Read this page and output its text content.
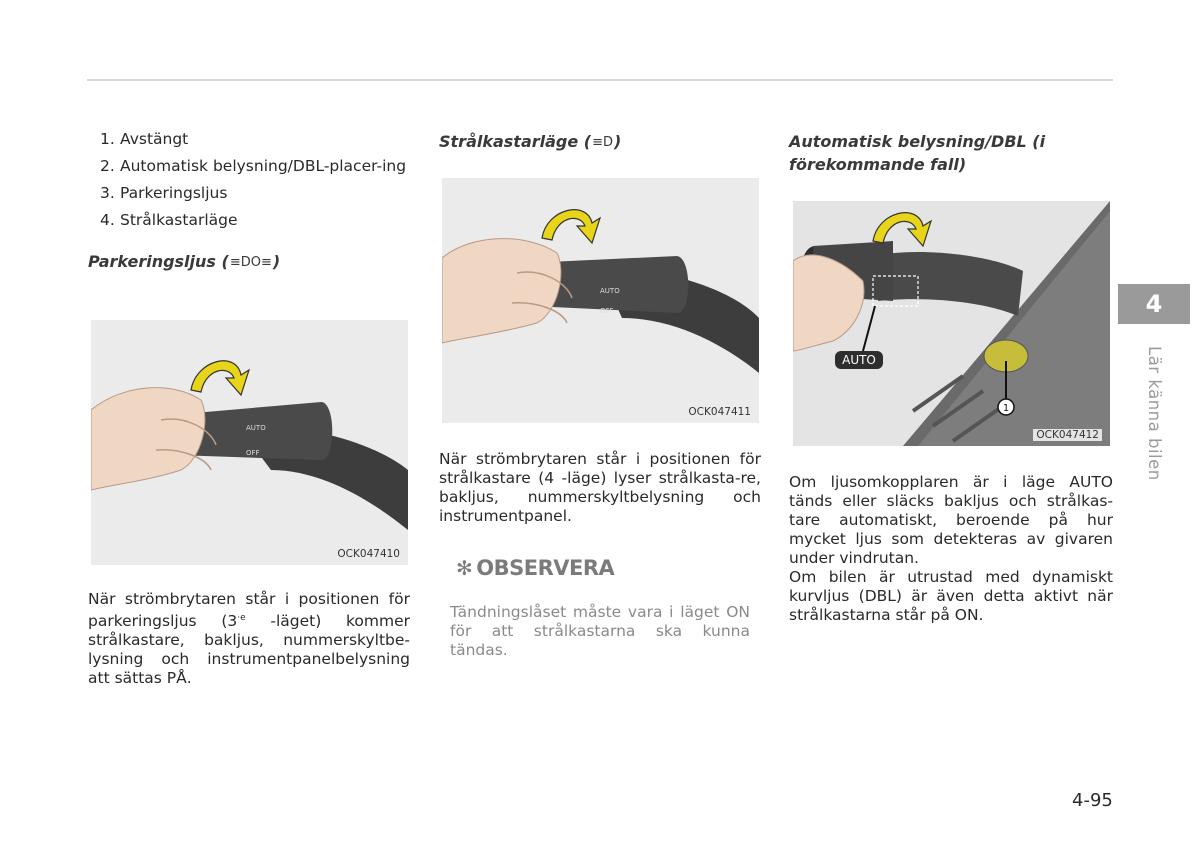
1. Avstängt
2. Automatisk belysning/DBL-placer-ing
3. Parkeringsljus
4. Strålkastarläge
Parkeringsljus (≡DO≡)
AUTO
OFF
OCK047410

När strömbrytaren står i positionen för parkeringsljus ($3^{\cdot e}$ -läget) kommer strålkastare, bakljus, nummerskyltbe-lysning och instrumentpanelbelysning att sättas PÅ.

Strålkastarläge (≡D)
AUTO
OFF
OCK047411

När strömbrytaren står i positionen för strålkastare (4 -läge) lyser strålkasta-re, bakljus, nummerskyltbelysning och instrumentpanel.

✻ OBSERVERA

Tändningslåset måste vara i läget ON för att strålkastarna ska kunna tändas.

Automatisk belysning/DBL (i förekommande fall)
AUTO
1
OCK047412

Om ljusomkopplaren är i läge AUTO tänds eller släcks bakljus och strålkas-tare automatiskt, beroende på hur mycket ljus som detekteras av givaren under vindrutan.

Om bilen är utrustad med dynamiskt kurvljus (DBL) är även detta aktivt när strålkastarna står på ON.

4
Lär känna bilen
4-95
